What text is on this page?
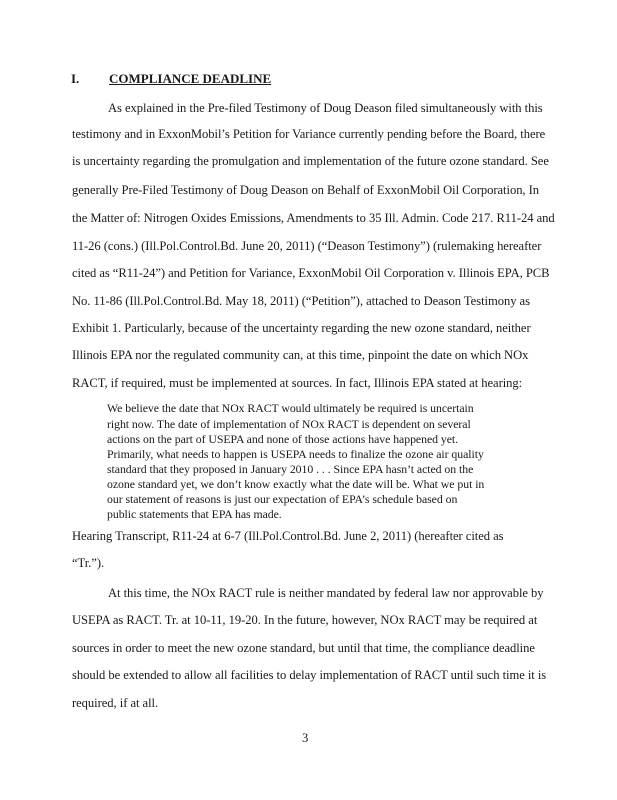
I. COMPLIANCE DEADLINE
As explained in the Pre-filed Testimony of Doug Deason filed simultaneously with this
testimony and in ExxonMobil’s Petition for Variance currently pending before the Board, there
is uncertainty regarding the promulgation and implementation of the future ozone standard. See
generally Pre-Filed Testimony of Doug Deason on Behalf of ExxonMobil Oil Corporation, In
the Matter of: Nitrogen Oxides Emissions, Amendments to 35 Ill. Admin. Code 217. R11-24 and
11-26 (cons.) (Ill.Pol.Control.Bd. June 20, 2011) (“Deason Testimony”) (rulemaking hereafter
cited as “R11-24”) and Petition for Variance, ExxonMobil Oil Corporation v. Illinois EPA, PCB
No. 11-86 (Ill.Pol.Control.Bd. May 18, 2011) (“Petition”), attached to Deason Testimony as
Exhibit 1. Particularly, because of the uncertainty regarding the new ozone standard, neither
Illinois EPA nor the regulated community can, at this time, pinpoint the date on which NOx
RACT, if required, must be implemented at sources. In fact, Illinois EPA stated at hearing:
We believe the date that NOx RACT would ultimately be required is uncertain
right now. The date of implementation of NOx RACT is dependent on several
actions on the part of USEPA and none of those actions have happened yet.
Primarily, what needs to happen is USEPA needs to finalize the ozone air quality
standard that they proposed in January 2010 . . . Since EPA hasn’t acted on the
ozone standard yet, we don’t know exactly what the date will be. What we put in
our statement of reasons is just our expectation of EPA’s schedule based on
public statements that EPA has made.
Hearing Transcript, R11-24 at 6-7 (Ill.Pol.Control.Bd. June 2, 2011) (hereafter cited as
“Tr.”).
At this time, the NOx RACT rule is neither mandated by federal law nor approvable by
USEPA as RACT. Tr. at 10-11, 19-20. In the future, however, NOx RACT may be required at
sources in order to meet the new ozone standard, but until that time, the compliance deadline
should be extended to allow all facilities to delay implementation of RACT until such time it is
required, if at all.
3
